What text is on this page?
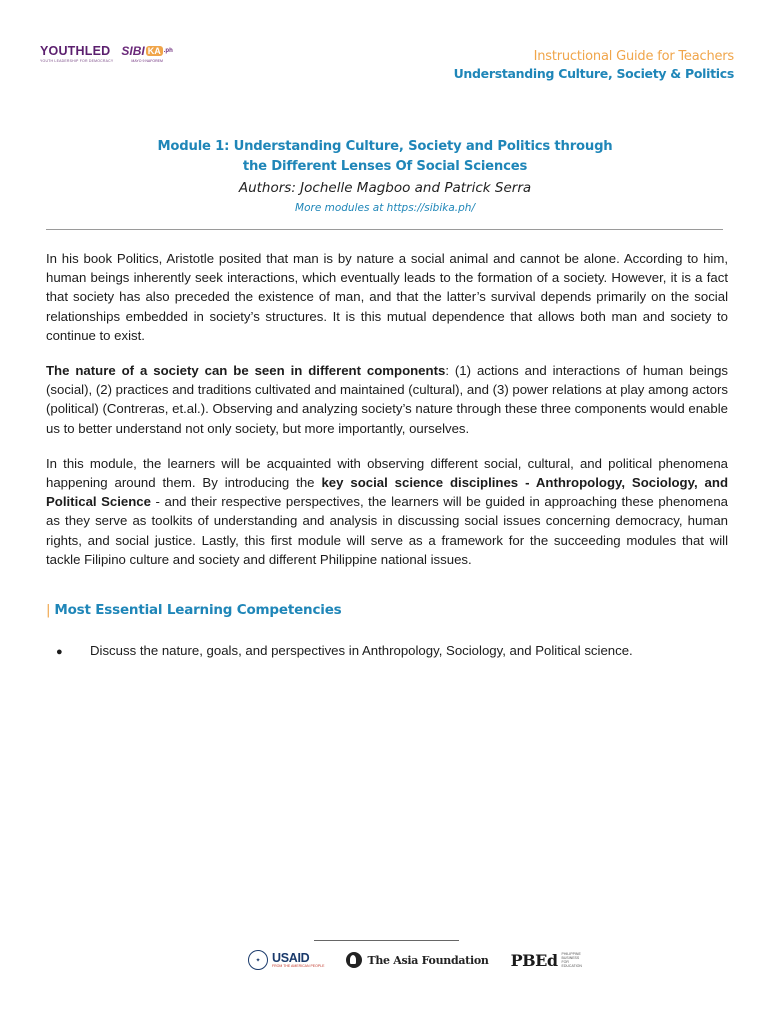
YOUTHLED
YOUTH LEADERSHIP FOR DEMOCRACY
SIBI KA .ph
MAYO 9 NAFOREM	Instructional Guide for Teachers
Understanding Culture, Society & Politics
Module 1: Understanding Culture, Society and Politics through
the Different Lenses Of Social Sciences
Authors: Jochelle Magboo and Patrick Serra
More modules at https://sibika.ph/

In his book Politics, Aristotle posited that man is by nature a social animal and cannot be alone. According to him, human beings inherently seek interactions, which eventually leads to the formation of a society. However, it is a fact that society has also preceded the existence of man, and that the latter’s survival depends primarily on the social relationships embedded in society’s structures. It is this mutual dependence that allows both man and society to continue to exist.

The nature of a society can be seen in different components: (1) actions and interactions of human beings (social), (2) practices and traditions cultivated and maintained (cultural), and (3) power relations at play among actors (political) (Contreras, et.al.). Observing and analyzing society’s nature through these three components would enable us to better understand not only society, but more importantly, ourselves.

In this module, the learners will be acquainted with observing different social, cultural, and political phenomena happening around them. By introducing the key social science disciplines - Anthropology, Sociology, and Political Science - and their respective perspectives, the learners will be guided in approaching these phenomena as they serve as toolkits of understanding and analysis in discussing social issues concerning democracy, human rights, and social justice. Lastly, this first module will serve as a framework for the succeeding modules that will tackle Filipino culture and society and different Philippine national issues.

| Most Essential Learning Competencies
●	Discuss the nature, goals, and perspectives in Anthropology, Sociology, and Political science.
✦ USAID
FROM THE AMERICAN PEOPLE	The Asia Foundation PBEd PHILIPPINE BUSINESS FOR EDUCATION
